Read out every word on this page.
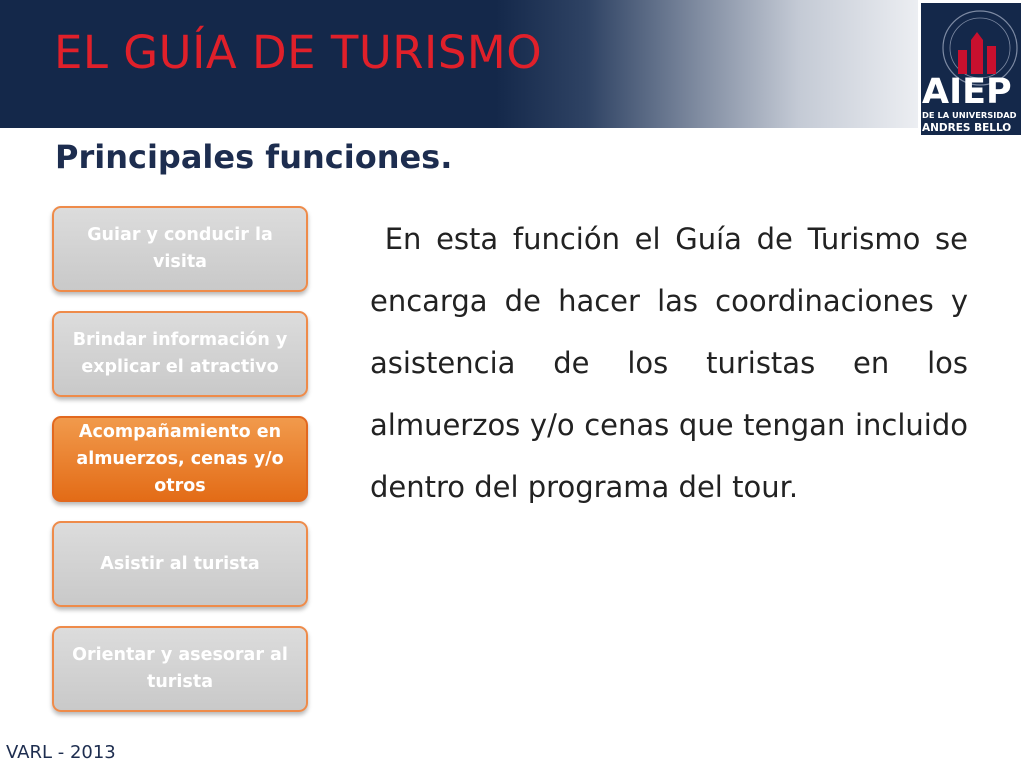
EL GUÍA DE TURISMO
AIEP
DE LA UNIVERSIDAD
ANDRES BELLO
Principales funciones.
Guiar y conducir la visita
Brindar información y explicar el atractivo
Acompañamiento en almuerzos, cenas y/o otros
Asistir al turista
Orientar y asesorar al turista

En esta función el Guía de Turismo se encarga de hacer las coordinaciones y asistencia de los turistas en los almuerzos y/o cenas que tengan incluido dentro del programa del tour.

VARL - 2013
